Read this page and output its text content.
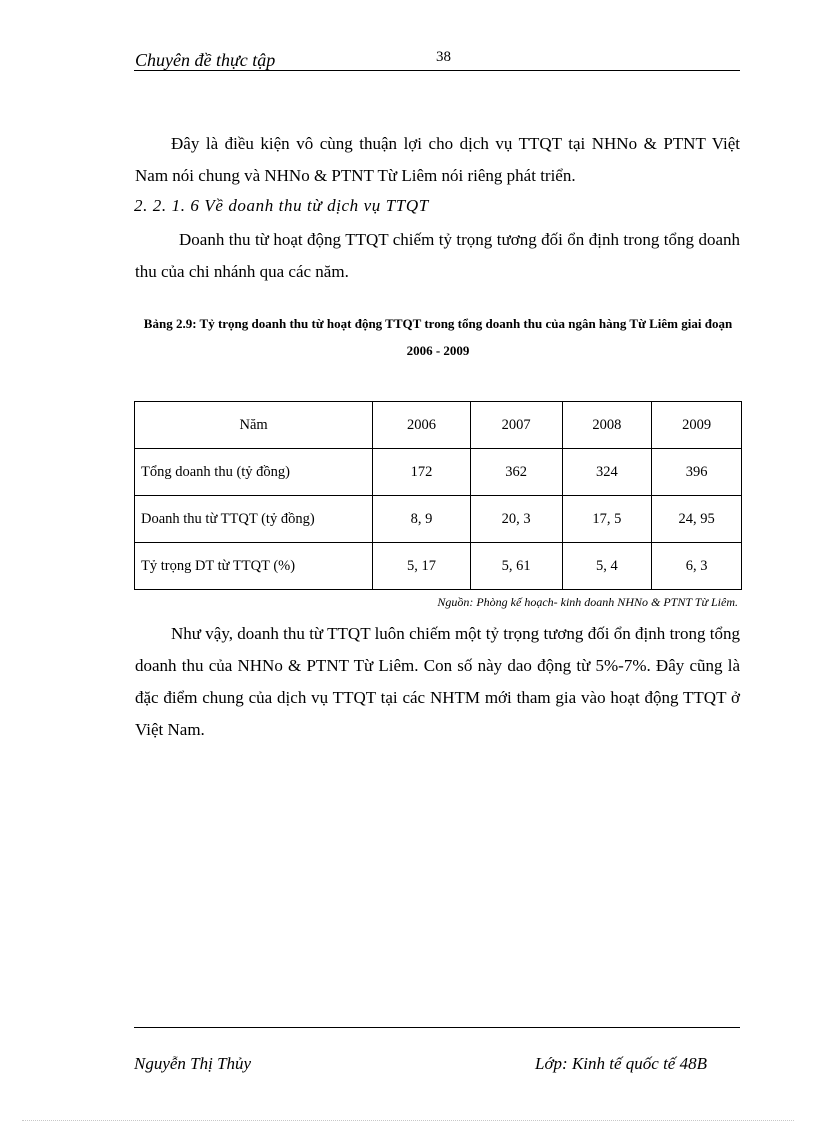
Chuyên đề thực tập	38

Đây là điều kiện vô cùng thuận lợi cho dịch vụ TTQT tại NHNo & PTNT Việt Nam nói chung và NHNo & PTNT Từ Liêm nói riêng phát triển.

2. 2. 1. 6 Về doanh thu từ dịch vụ TTQT

Doanh thu từ hoạt động TTQT chiếm tỷ trọng tương đối ổn định trong tổng doanh thu của chi nhánh qua các năm.

Bảng 2.9: Tỷ trọng doanh thu từ hoạt động TTQT trong tổng doanh thu của ngân hàng Từ Liêm giai đoạn 2006 - 2009

Năm	2006	2007	2008	2009
Tổng doanh thu (tỷ đồng)	172	362	324	396
Doanh thu từ TTQT (tỷ đồng)	8, 9	20, 3	17, 5	24, 95
Tỷ trọng DT từ TTQT (%)	5, 17	5, 61	5, 4	6, 3
Nguồn: Phòng kế hoạch- kinh doanh NHNo & PTNT Từ Liêm.

Như vậy, doanh thu từ TTQT luôn chiếm một tỷ trọng tương đối ổn định trong tổng doanh thu của NHNo & PTNT Từ Liêm. Con số này dao động từ 5%-7%. Đây cũng là đặc điểm chung của dịch vụ TTQT tại các NHTM mới tham gia vào hoạt động TTQT ở Việt Nam.

Nguyễn Thị Thủy	Lớp: Kinh tế quốc tế 48B
